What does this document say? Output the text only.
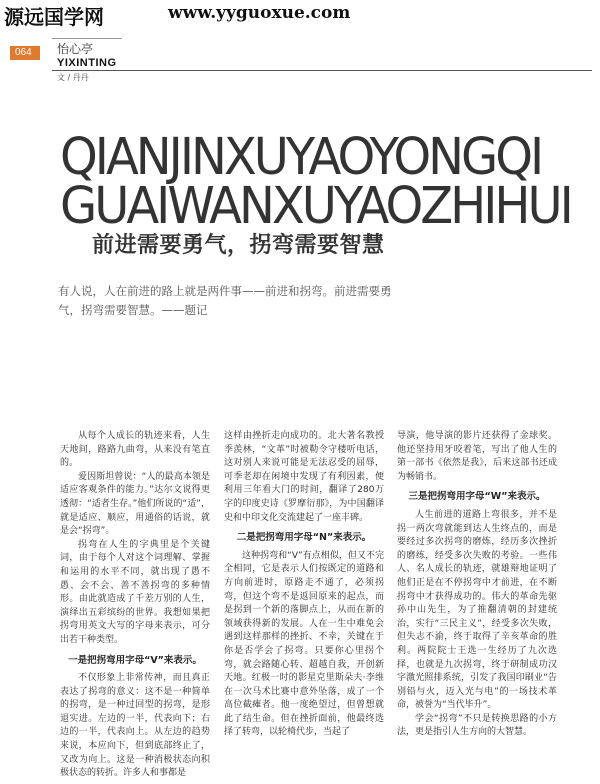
源远国学网	www.yyguoxue.com
064 怡心亭
YIXINTING
文 / 丹丹
QIANJINXUYAOYONGQI
GUAIWANXUYAOZHIHUI
前进需要勇气，拐弯需要智慧
有人说，人在前进的路上就是两件事——前进和拐弯。前进需要勇气，拐弯需要智慧。——题记

从每个人成长的轨迹来看，人生天地间，路路九曲弯，从来没有笔直的。

爱因斯坦曾说：“人的最高本领是适应客观条件的能力。”达尔文说得更透彻：“适者生存。”他们所说的“适”，就是适应、顺应，用通俗的话说，就是会“拐弯”。

拐弯在人生的字典里是个关键词，由于每个人对这个词理解、掌握和运用的水平不同，就出现了愚不愚、会不会、善不善拐弯的多种情形。由此就造成了千差万别的人生，演绎出五彩缤纷的世界。我想如果把拐弯用英文大写的字母来表示，可分出若干种类型。

一是把拐弯用字母“V”来表示。

不仅形象上非常传神，而且真正表达了拐弯的意义：这不是一种简单的拐弯，是一种过回型的拐弯，是形退实进。左边的一半，代表向下；右边的一半，代表向上。从左边的趋势来说，本应向下，但到底部终止了，又改为向上。这是一种消极状态向积极状态的转折。许多人和事都是

这样由挫折走向成功的。北大著名教授季羡林，“文革”时被勒令守楼听电话，这对别人来说可能是无法忍受的屈辱，可季老却在闲境中发现了有利因素，便利用三年看大门的时间，翻译了280万字的印度史诗《罗摩衍那》，为中国翻译史和中印文化交流建起了一座丰碑。

二是把拐弯用字母“N”来表示。

这种拐弯和“V”有点相似，但又不完全相同，它是表示人们按既定的道路和方向前进时，原路走不通了，必须拐弯，但这个弯不是返回原来的起点，而是拐到一个新的落脚点上，从而在新的领域获得新的发展。人在一生中难免会遇到这样那样的挫折、不幸，关键在于你是否学会了拐弯。只要你心里拐个弯，就会路随心转、超越自我，开创新天地。红极一时的影星克里斯朵夫·李维在一次马术比赛中意外坠落，成了一个高位截瘫者。他一度绝望过，但曾想就此了结生命。但在挫折面前，他最终选择了转弯，以轮椅代步，当起了

导演，他导演的影片还获得了金球奖。他还坚持用牙咬着笔，写出了他人生的第一部书《依然是我》，后来这部书还成为畅销书。

三是把拐弯用字母“W”来表示。

人生前进的道路上弯很多，并不是拐一两次弯就能到达人生终点的，而是要经过多次拐弯的磨炼，经历多次挫折的磨练，经受多次失败的考验。一些伟人、名人成长的轨迹，就雄辩地证明了他们正是在不停拐弯中才前进，在不断拐弯中才获得成功的。伟大的革命先驱孙中山先生，为了推翻清朝的封建统治，实行“三民主义”，经受多次失败，但失志不渝，终于取得了辛亥革命的胜利。两院院士王选一生经历了九次选择，也就是九次拐弯，终于研制成功汉字激光照排系统，引发了我国印刷业“告别铅与火，迈入光与电”的一场技术革命，被誉为“当代毕升”。

学会“拐弯”不只是转换思路的小方法，更是指引人生方向的大智慧。
